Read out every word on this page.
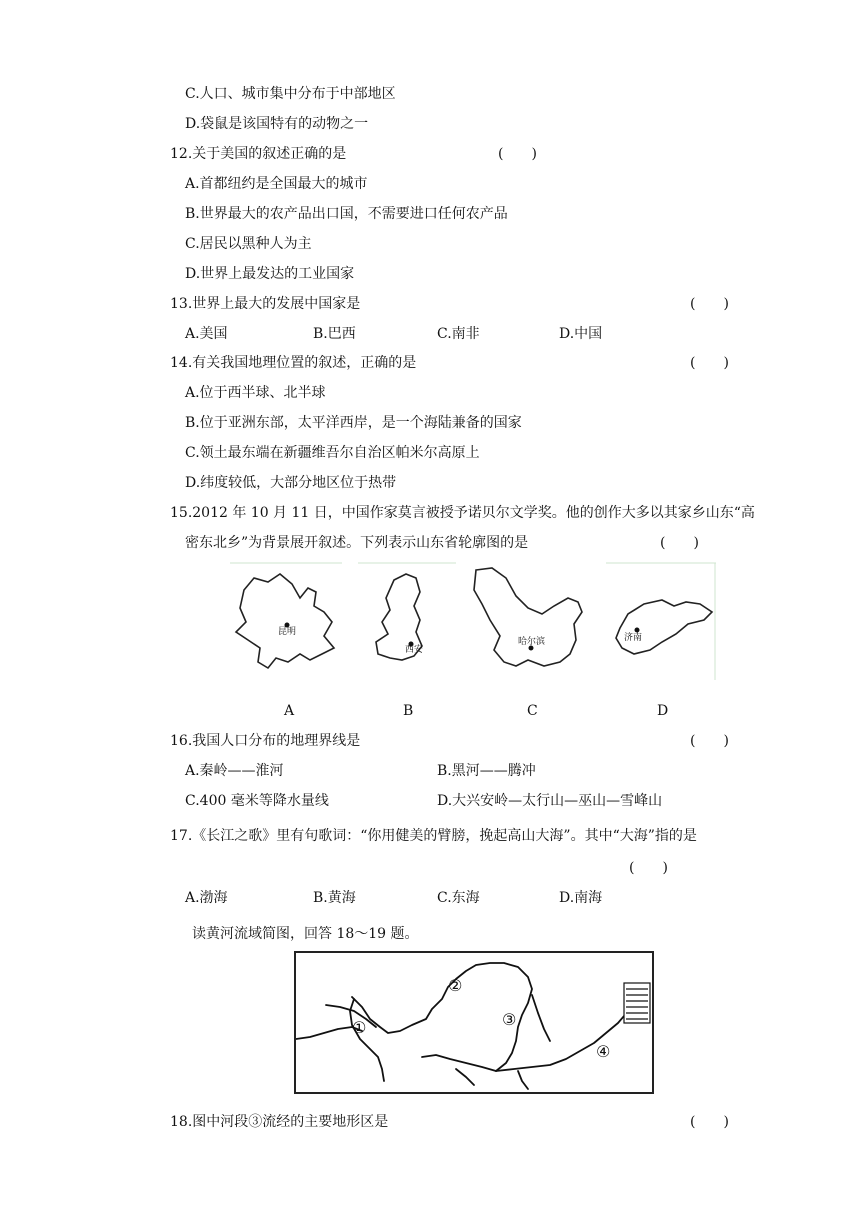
C.人口、城市集中分布于中部地区
D.袋鼠是该国特有的动物之一
12.关于美国的叙述正确的是	(　　)
A.首都纽约是全国最大的城市
B.世界最大的农产品出口国，不需要进口任何农产品
C.居民以黑种人为主
D.世界上最发达的工业国家
13.世界上最大的发展中国家是	(　　)
A.美国	B.巴西	C.南非	D.中国
14.有关我国地理位置的叙述，正确的是	(　　)
A.位于西半球、北半球
B.位于亚洲东部，太平洋西岸，是一个海陆兼备的国家
C.领土最东端在新疆维吾尔自治区帕米尔高原上
D.纬度较低，大部分地区位于热带
15.2012 年 10 月 11 日，中国作家莫言被授予诺贝尔文学奖。他的创作大多以其家乡山东“高
密东北乡”为背景展开叙述。下列表示山东省轮廓图的是	(　　)
昆明
西安
哈尔滨	济南
A	B	C	D
16.我国人口分布的地理界线是	(　　)
A.秦岭——淮河	B.黑河——腾冲
C.400 毫米等降水量线	D.大兴安岭—太行山—巫山—雪峰山
17.《长江之歌》里有句歌词：“你用健美的臂膀，挽起高山大海”。其中“大海”指的是
(　　)
A.渤海	B.黄海	C.东海	D.南海
读黄河流域简图，回答 18～19 题。
①
②
③
④
18.图中河段③流经的主要地形区是	(　　)
